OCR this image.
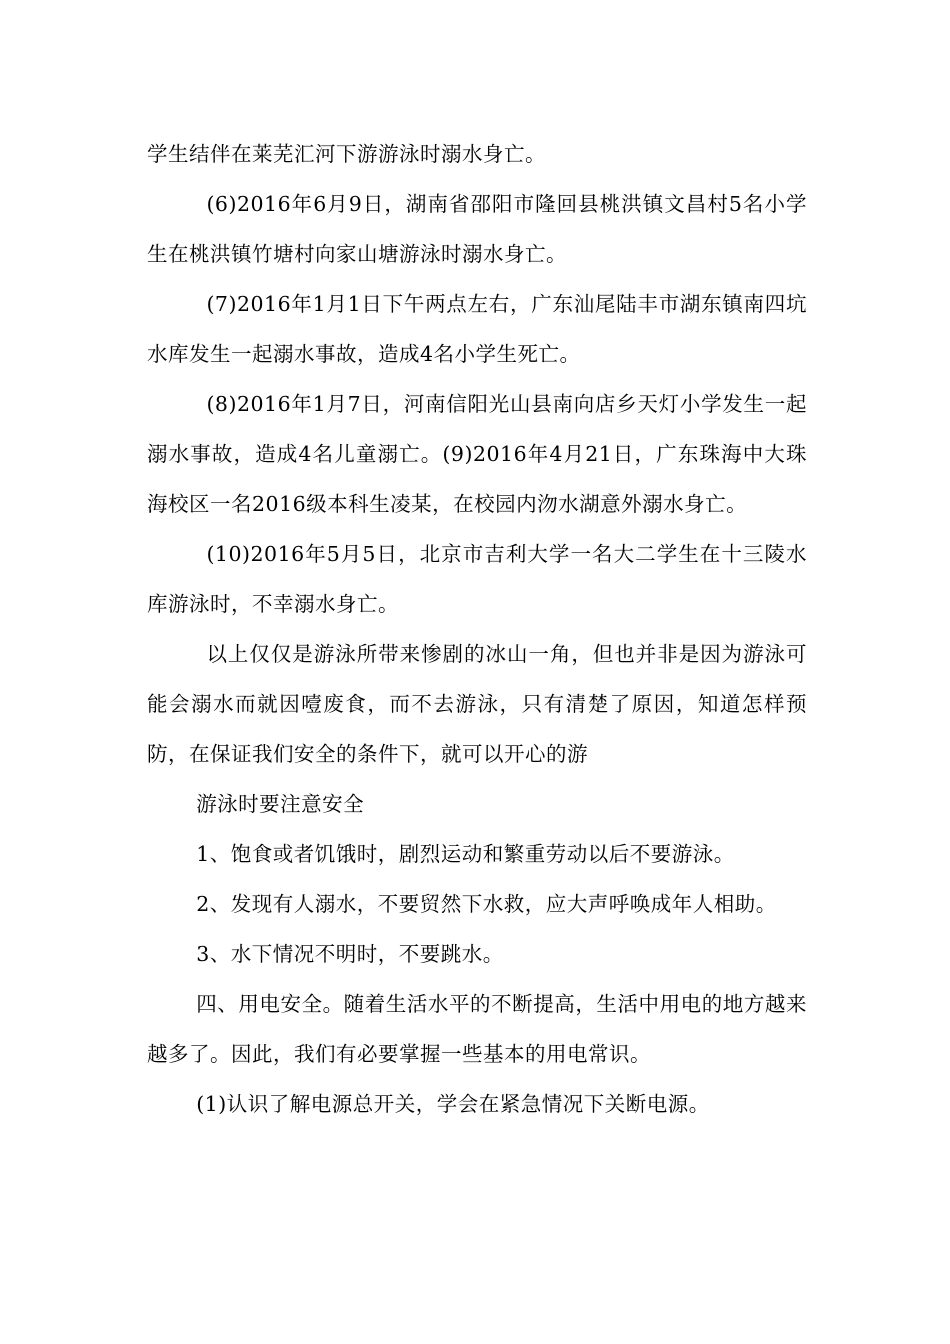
学生结伴在莱芜汇河下游游泳时溺水身亡。

(6)2016年6月9日，湖南省邵阳市隆回县桃洪镇文昌村5名小学生在桃洪镇竹塘村向家山塘游泳时溺水身亡。

(7)2016年1月1日下午两点左右，广东汕尾陆丰市湖东镇南四坑水库发生一起溺水事故，造成4名小学生死亡。

(8)2016年1月7日，河南信阳光山县南向店乡天灯小学发生一起溺水事故，造成4名儿童溺亡。(9)2016年4月21日，广东珠海中大珠海校区一名2016级本科生凌某，在校园内沕水湖意外溺水身亡。

(10)2016年5月5日，北京市吉利大学一名大二学生在十三陵水库游泳时，不幸溺水身亡。

以上仅仅是游泳所带来惨剧的冰山一角，但也并非是因为游泳可能会溺水而就因噎废食，而不去游泳，只有清楚了原因，知道怎样预防，在保证我们安全的条件下，就可以开心的游

游泳时要注意安全

1、饱食或者饥饿时，剧烈运动和繁重劳动以后不要游泳。

2、发现有人溺水，不要贸然下水救，应大声呼唤成年人相助。

3、水下情况不明时，不要跳水。

四、用电安全。随着生活水平的不断提高，生活中用电的地方越来越多了。因此，我们有必要掌握一些基本的用电常识。

(1)认识了解电源总开关，学会在紧急情况下关断电源。
